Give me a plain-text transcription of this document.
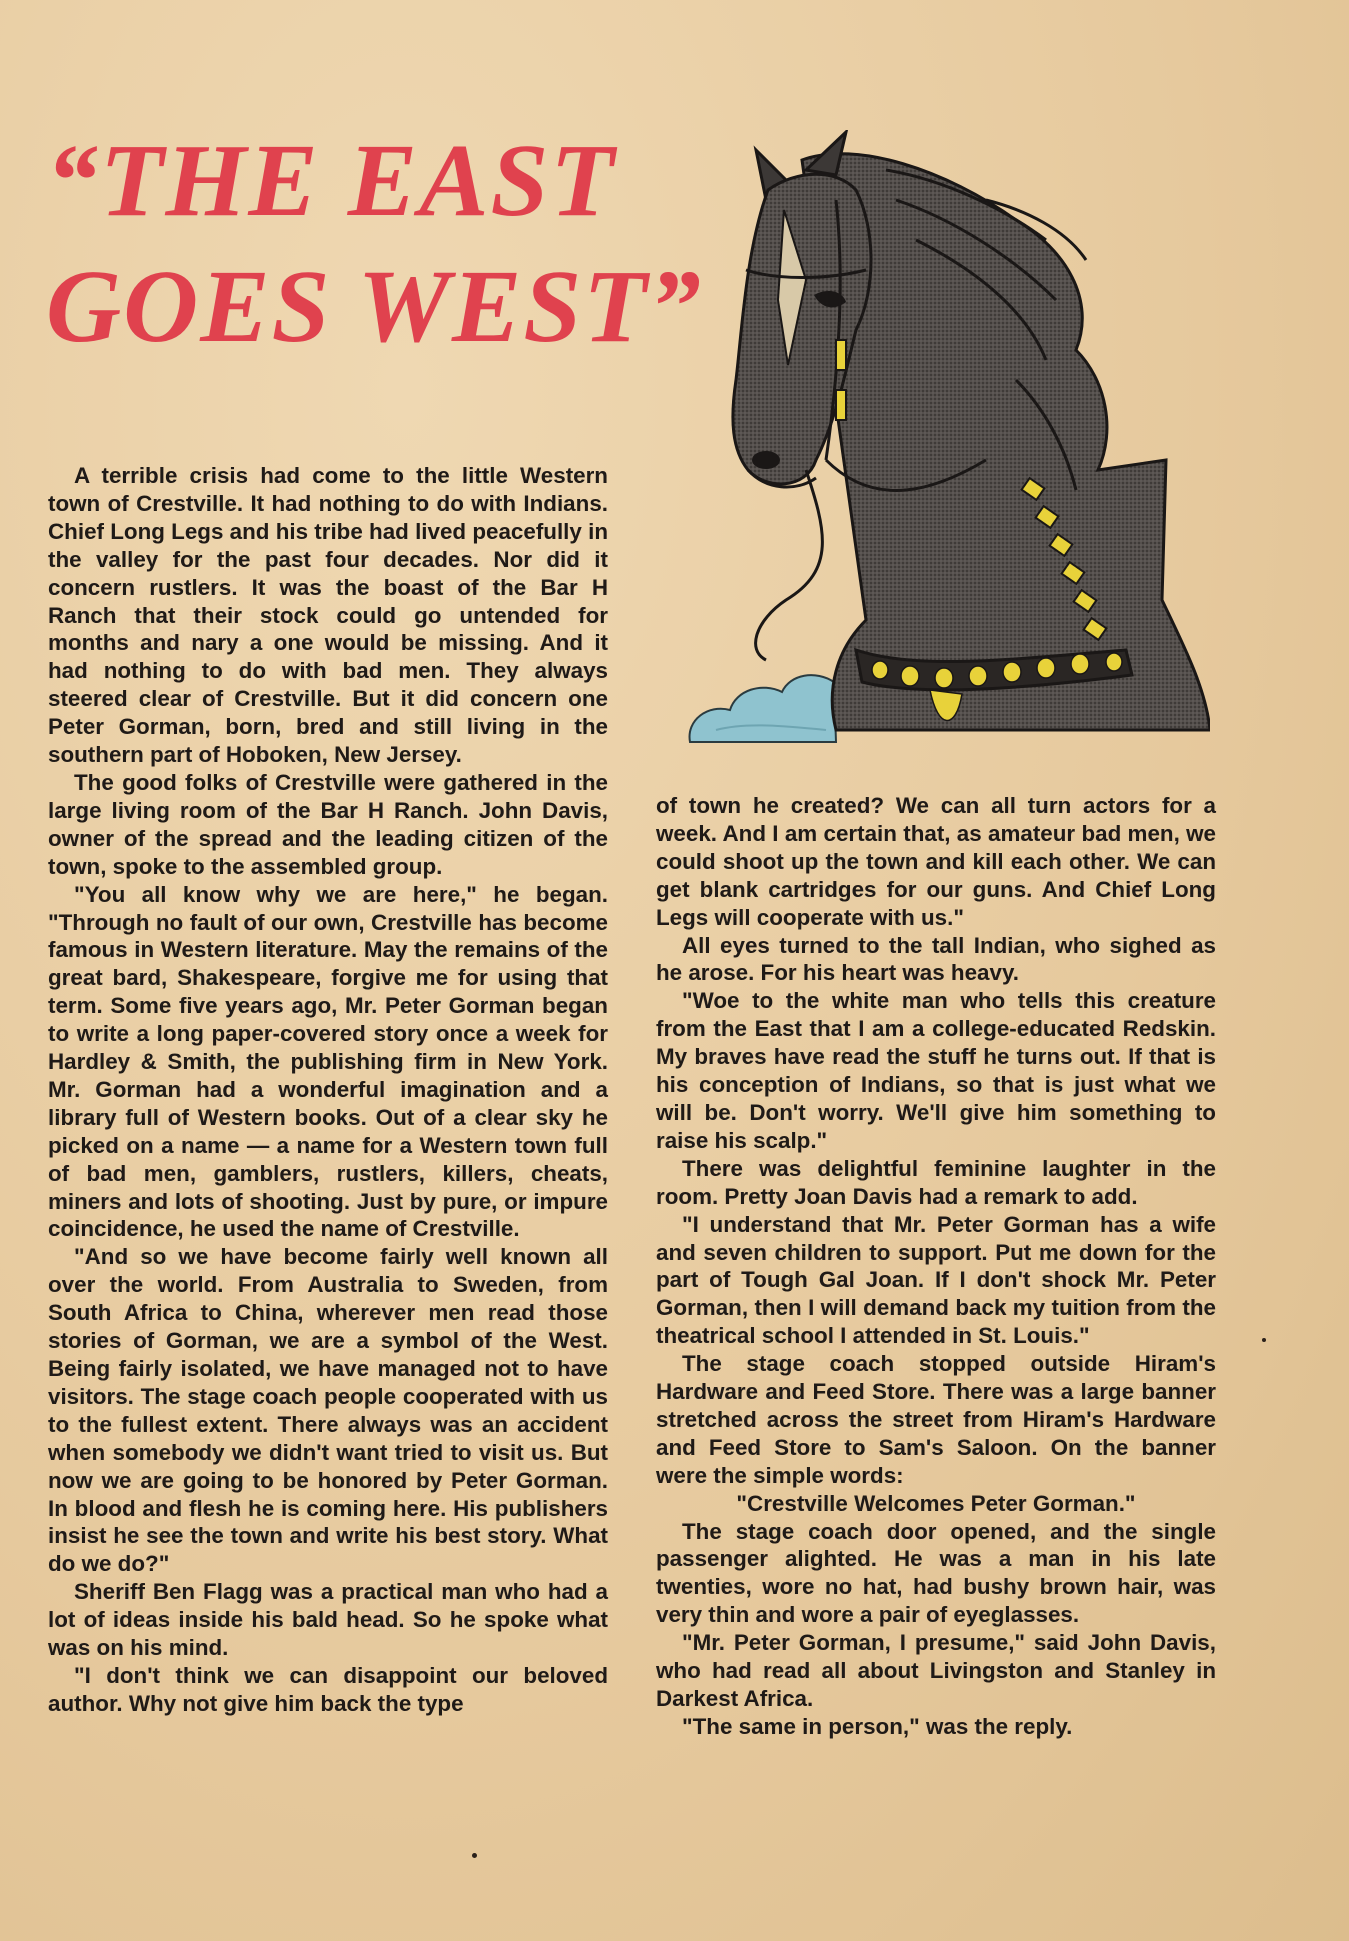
“THE EAST
GOES WEST”

A terrible crisis had come to the little Western town of Crestville. It had nothing to do with Indians. Chief Long Legs and his tribe had lived peacefully in the valley for the past four decades. Nor did it concern rustlers. It was the boast of the Bar H Ranch that their stock could go untended for months and nary a one would be missing. And it had nothing to do with bad men. They always steered clear of Crestville. But it did concern one Peter Gorman, born, bred and still living in the southern part of Hoboken, New Jersey.

The good folks of Crestville were gathered in the large living room of the Bar H Ranch. John Davis, owner of the spread and the leading citizen of the town, spoke to the assembled group.

"You all know why we are here," he began. "Through no fault of our own, Crestville has become famous in Western literature. May the remains of the great bard, Shakespeare, forgive me for using that term. Some five years ago, Mr. Peter Gorman began to write a long paper-covered story once a week for Hardley & Smith, the publishing firm in New York. Mr. Gorman had a wonderful imagination and a library full of Western books. Out of a clear sky he picked on a name — a name for a Western town full of bad men, gamblers, rustlers, killers, cheats, miners and lots of shooting. Just by pure, or impure coincidence, he used the name of Crestville.

"And so we have become fairly well known all over the world. From Australia to Sweden, from South Africa to China, wherever men read those stories of Gorman, we are a symbol of the West. Being fairly isolated, we have managed not to have visitors. The stage coach people cooperated with us to the fullest extent. There always was an accident when somebody we didn't want tried to visit us. But now we are going to be honored by Peter Gorman. In blood and flesh he is coming here. His publishers insist he see the town and write his best story. What do we do?"

Sheriff Ben Flagg was a practical man who had a lot of ideas inside his bald head. So he spoke what was on his mind.

"I don't think we can disappoint our beloved author. Why not give him back the type

of town he created? We can all turn actors for a week. And I am certain that, as amateur bad men, we could shoot up the town and kill each other. We can get blank cartridges for our guns. And Chief Long Legs will cooperate with us."

All eyes turned to the tall Indian, who sighed as he arose. For his heart was heavy.

"Woe to the white man who tells this creature from the East that I am a college-educated Redskin. My braves have read the stuff he turns out. If that is his conception of Indians, so that is just what we will be. Don't worry. We'll give him something to raise his scalp."

There was delightful feminine laughter in the room. Pretty Joan Davis had a remark to add.

"I understand that Mr. Peter Gorman has a wife and seven children to support. Put me down for the part of Tough Gal Joan. If I don't shock Mr. Peter Gorman, then I will demand back my tuition from the theatrical school I attended in St. Louis."

The stage coach stopped outside Hiram's Hardware and Feed Store. There was a large banner stretched across the street from Hiram's Hardware and Feed Store to Sam's Saloon. On the banner were the simple words:

"Crestville Welcomes Peter Gorman."

The stage coach door opened, and the single passenger alighted. He was a man in his late twenties, wore no hat, had bushy brown hair, was very thin and wore a pair of eyeglasses.

"Mr. Peter Gorman, I presume," said John Davis, who had read all about Livingston and Stanley in Darkest Africa.

"The same in person," was the reply.
